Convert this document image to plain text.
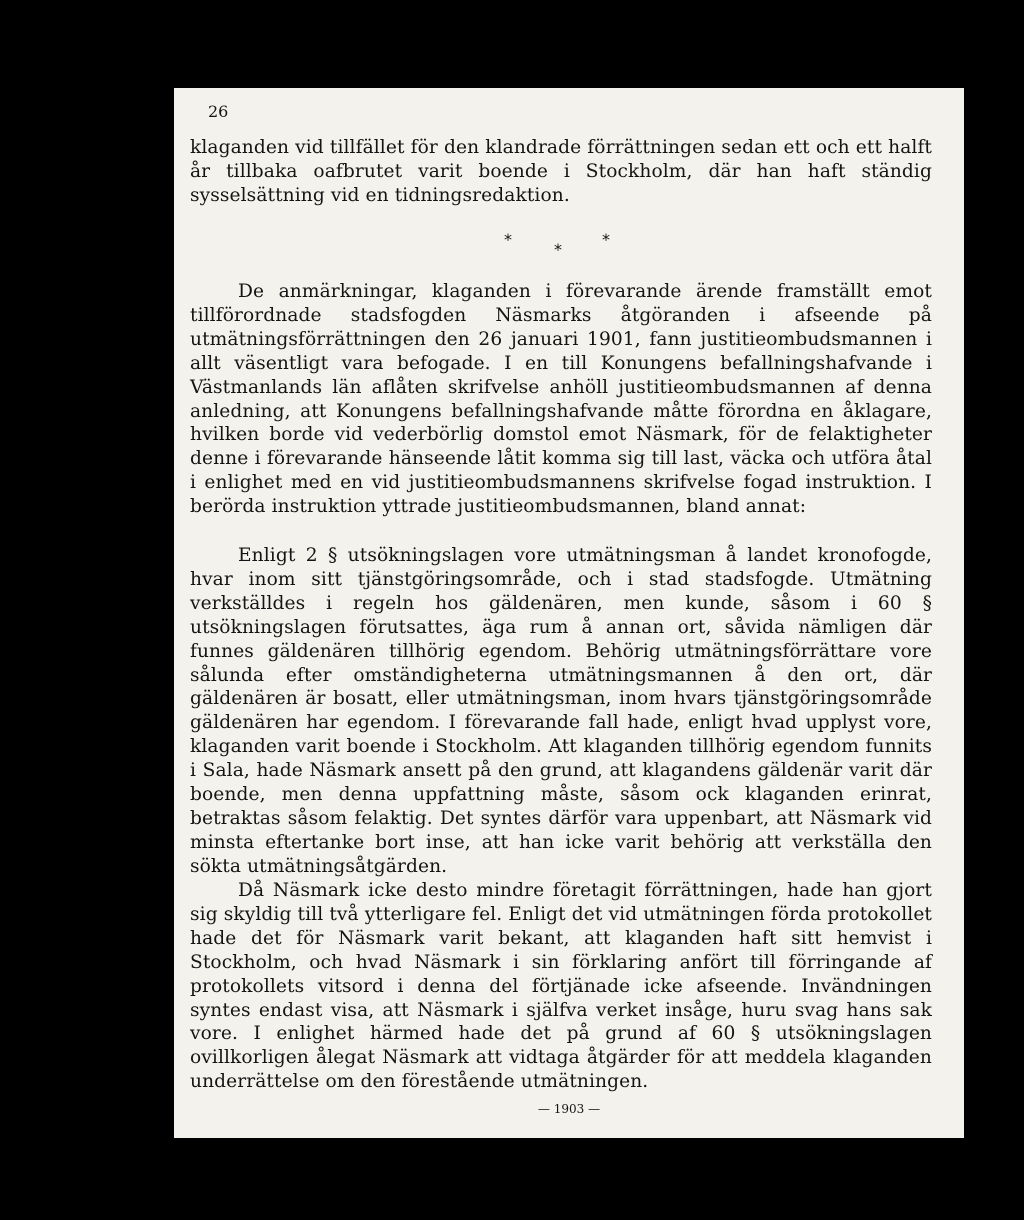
26
klaganden vid tillfället för den klandrade förrättningen sedan ett och ett halft år tillbaka oafbrutet varit boende i Stockholm, där han haft ständig sysselsättning vid en tidningsredaktion.
*
*
*
De anmärkningar, klaganden i förevarande ärende framställt emot tillförordnade stadsfogden Näsmarks åtgöranden i afseende på utmätningsförrättningen den 26 januari 1901, fann justitieombudsmannen i allt väsentligt vara befogade. I en till Konungens befallningshafvande i Västmanlands län aflåten skrifvelse anhöll justitieombudsmannen af denna anledning, att Konungens befallningshafvande måtte förordna en åklagare, hvilken borde vid vederbörlig domstol emot Näsmark, för de felaktigheter denne i förevarande hänseende låtit komma sig till last, väcka och utföra åtal i enlighet med en vid justitieombudsmannens skrifvelse fogad instruktion. I berörda instruktion yttrade justitieombudsmannen, bland annat:
Enligt 2 § utsökningslagen vore utmätningsman å landet kronofogde, hvar inom sitt tjänstgöringsområde, och i stad stadsfogde. Utmätning verkställdes i regeln hos gäldenären, men kunde, såsom i 60 § utsökningslagen förutsattes, äga rum å annan ort, såvida nämligen där funnes gäldenären tillhörig egendom. Behörig utmätningsförrättare vore sålunda efter omständigheterna utmätningsmannen å den ort, där gäldenären är bosatt, eller utmätningsman, inom hvars tjänstgöringsområde gäldenären har egendom. I förevarande fall hade, enligt hvad upplyst vore, klaganden varit boende i Stockholm. Att klaganden tillhörig egendom funnits i Sala, hade Näsmark ansett på den grund, att klagandens gäldenär varit där boende, men denna uppfattning måste, såsom ock klaganden erinrat, betraktas såsom felaktig. Det syntes därför vara uppenbart, att Näsmark vid minsta eftertanke bort inse, att han icke varit behörig att verkställa den sökta utmätningsåtgärden.
Då Näsmark icke desto mindre företagit förrättningen, hade han gjort sig skyldig till två ytterligare fel. Enligt det vid utmätningen förda protokollet hade det för Näsmark varit bekant, att klaganden haft sitt hemvist i Stockholm, och hvad Näsmark i sin förklaring anfört till förringande af protokollets vitsord i denna del förtjänade icke afseende. Invändningen syntes endast visa, att Näsmark i själfva verket insåge, huru svag hans sak vore. I enlighet härmed hade det på grund af 60 § utsökningslagen ovillkorligen ålegat Näsmark att vidtaga åtgärder för att meddela klaganden underrättelse om den förestående utmätningen.
— 1903 —
